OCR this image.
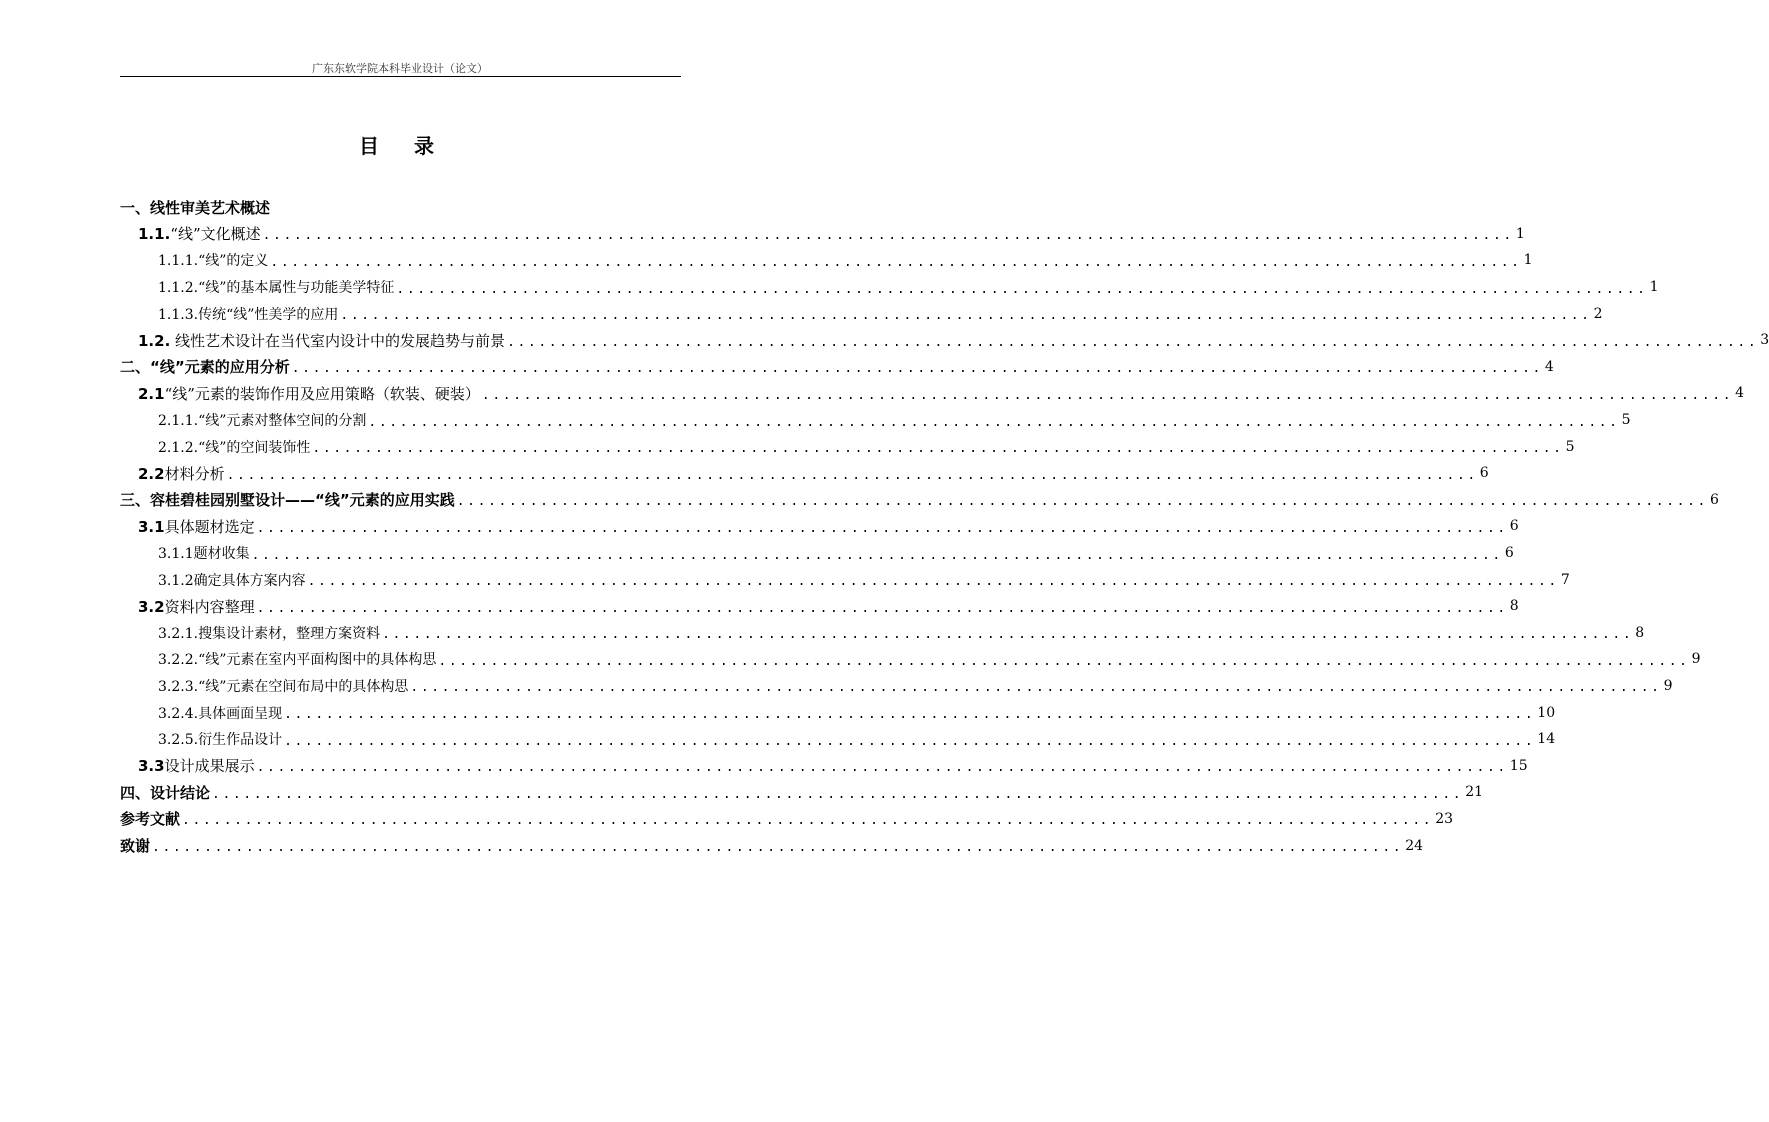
广东东软学院本科毕业设计（论文）
目 录
一、线性审美艺术概述
1.1.“线”文化概述 ........................................................................................................................ 1
1.1.1.“线”的定义 ........................................................................................................................ 1
1.1.2.“线”的基本属性与功能美学特征 ........................................................................................................................ 1
1.1.3.传统“线”性美学的应用 ........................................................................................................................ 2
1.2. 线性艺术设计在当代室内设计中的发展趋势与前景 ........................................................................................................................ 3
二、“线”元素的应用分析 ........................................................................................................................ 4
2.1“线”元素的装饰作用及应用策略（软装、硬装） ........................................................................................................................ 4
2.1.1.“线”元素对整体空间的分割 ........................................................................................................................ 5
2.1.2.“线”的空间装饰性 ........................................................................................................................ 5
2.2材料分析 ........................................................................................................................ 6
三、容桂碧桂园别墅设计——“线”元素的应用实践 ........................................................................................................................ 6
3.1具体题材选定 ........................................................................................................................ 6
3.1.1题材收集 ........................................................................................................................ 6
3.1.2确定具体方案内容 ........................................................................................................................ 7
3.2资料内容整理 ........................................................................................................................ 8
3.2.1.搜集设计素材，整理方案资料 ........................................................................................................................ 8
3.2.2.“线”元素在室内平面构图中的具体构思 ........................................................................................................................ 9
3.2.3.“线”元素在空间布局中的具体构思 ........................................................................................................................ 9
3.2.4.具体画面呈现 ........................................................................................................................ 10
3.2.5.衍生作品设计 ........................................................................................................................ 14
3.3设计成果展示 ........................................................................................................................ 15
四、设计结论 ........................................................................................................................ 21
参考文献 ........................................................................................................................ 23
致谢 ........................................................................................................................ 24
